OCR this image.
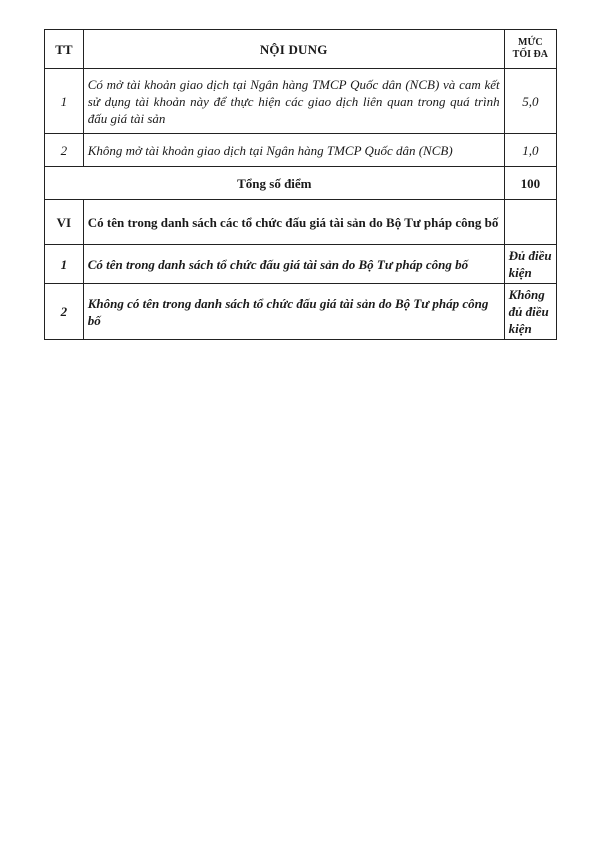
TT	NỘI DUNG	MỨC TỐI ĐA
1	Có mở tài khoản giao dịch tại Ngân hàng TMCP Quốc dân (NCB) và cam kết sử dụng tài khoản này để thực hiện các giao dịch liên quan trong quá trình đấu giá tài sản	5,0
2	Không mở tài khoản giao dịch tại Ngân hàng TMCP Quốc dân (NCB)	1,0
Tổng số điểm		100
VI	Có tên trong danh sách các tổ chức đấu giá tài sản do Bộ Tư pháp công bố	
1	Có tên trong danh sách tổ chức đấu giá tài sản do Bộ Tư pháp công bố	Đủ điều kiện
2	Không có tên trong danh sách tổ chức đấu giá tài sản do Bộ Tư pháp công bố	Không đủ điều kiện
